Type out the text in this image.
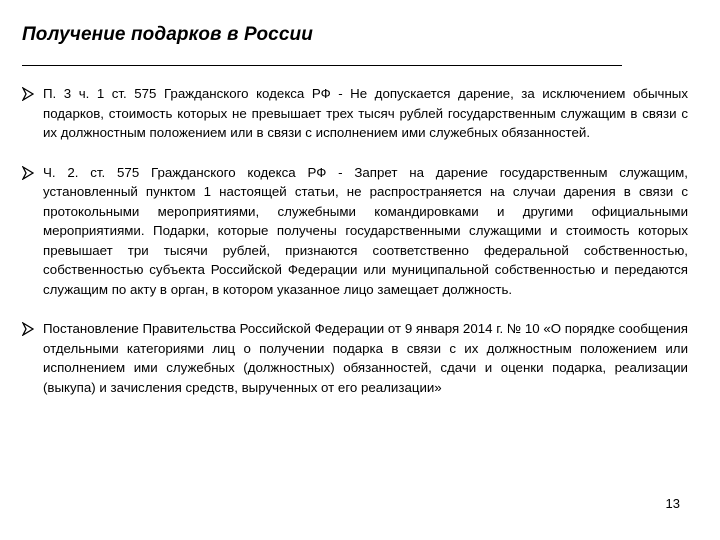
Получение подарков в России
П. 3 ч. 1 ст. 575 Гражданского кодекса РФ - Не допускается дарение, за исключением обычных подарков, стоимость которых не превышает трех тысяч рублей государственным служащим в связи с их должностным положением или в связи с исполнением ими служебных обязанностей.
Ч. 2. ст. 575 Гражданского кодекса РФ - Запрет на дарение государственным служащим, установленный пунктом 1 настоящей статьи, не распространяется на случаи дарения в связи с протокольными мероприятиями, служебными командировками и другими официальными мероприятиями. Подарки, которые получены государственными служащими и стоимость которых превышает три тысячи рублей, признаются соответственно федеральной собственностью, собственностью субъекта Российской Федерации или муниципальной собственностью и передаются служащим по акту в орган, в котором указанное лицо замещает должность.
Постановление Правительства Российской Федерации от 9 января 2014 г. № 10 «О порядке сообщения отдельными категориями лиц о получении подарка в связи с их должностным положением или исполнением ими служебных (должностных) обязанностей, сдачи и оценки подарка, реализации (выкупа) и зачисления средств, вырученных от его реализации»
13
